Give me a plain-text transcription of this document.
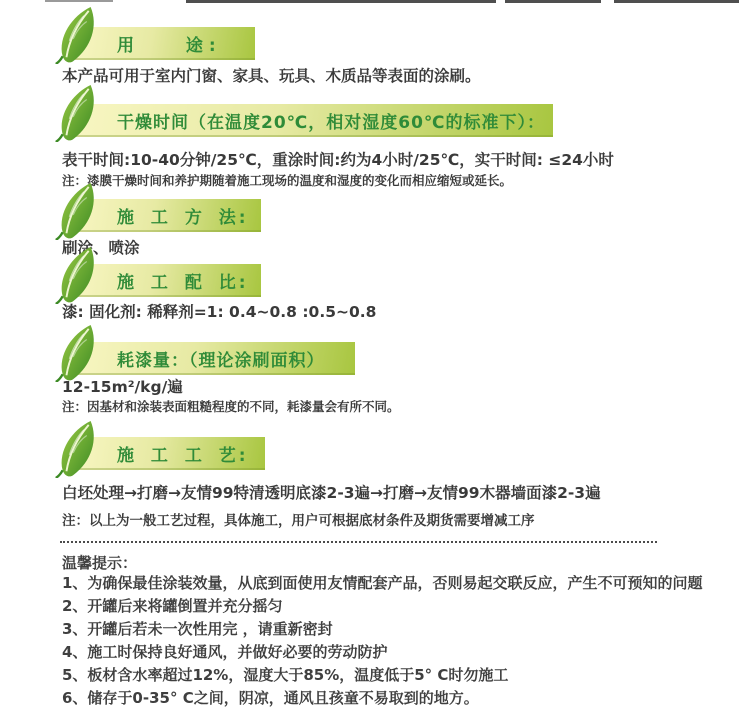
用 途:
本产品可用于室内门窗、家具、玩具、木质品等表面的涂刷。
干燥时间（在温度20℃，相对湿度60℃的标准下）：
表干时间:10-40分钟/25℃，重涂时间:约为4小时/25℃，实干时间: ≤24小时
注：漆膜干燥时间和养护期随着施工现场的温度和湿度的变化而相应缩短或延长。
施 工 方 法:
刷涂、喷涂
施 工 配 比:
漆: 固化剂: 稀释剂=1: 0.4~0.8 :0.5~0.8
耗漆量：（理论涂刷面积）
12-15m²/kg/遍
注：因基材和涂装表面粗糙程度的不同，耗漆量会有所不同。
施 工 工 艺:
白坯处理→打磨→友情99特清透明底漆2-3遍→打磨→友情99木器墙面漆2-3遍
注：以上为一般工艺过程，具体施工，用户可根据底材条件及期货需要增减工序
温馨提示：
1、为确保最佳涂装效量，从底到面使用友情配套产品，否则易起交联反应，产生不可预知的问题
2、开罐后来将罐倒置并充分摇匀
3、开罐后若未一次性用完 ，请重新密封
4、施工时保持良好通风，并做好必要的劳动防护
5、板材含水率超过12%，湿度大于85%，温度低于5° C时勿施工
6、储存于0-35° C之间，阴凉，通风且孩童不易取到的地方。
